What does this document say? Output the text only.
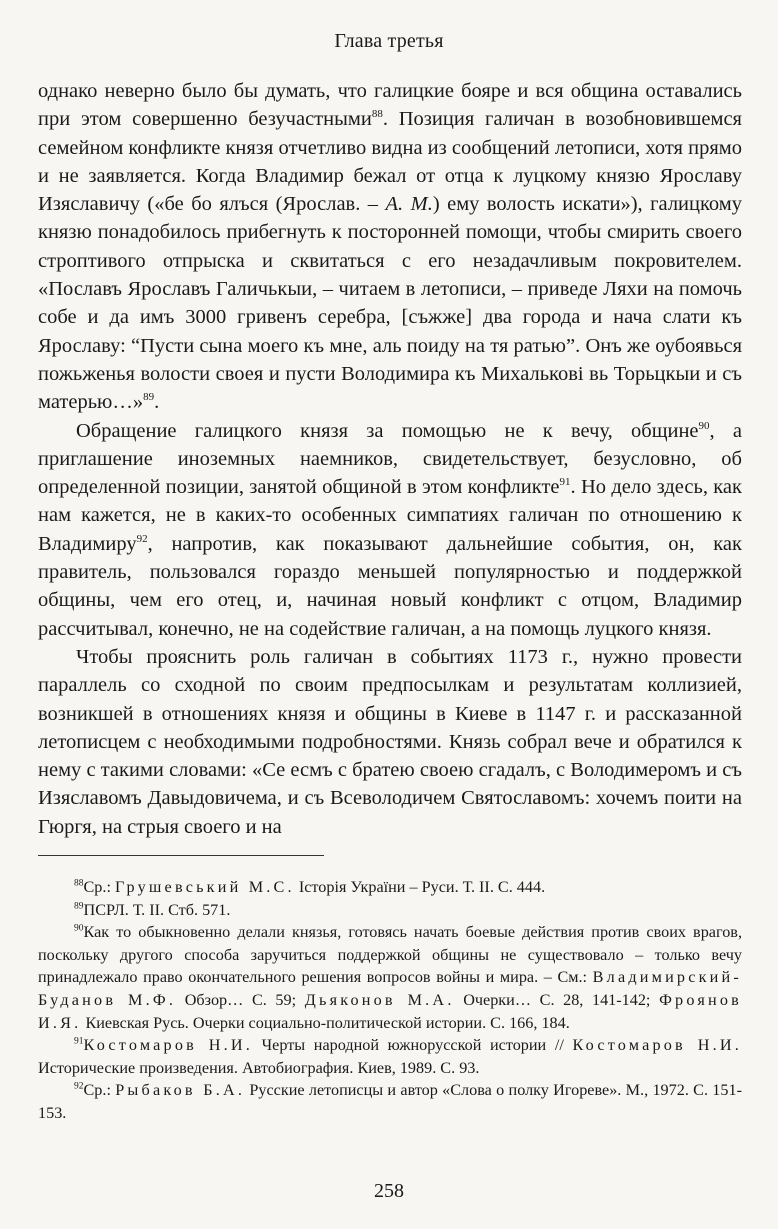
Глава третья

однако неверно было бы думать, что галицкие бояре и вся община оставались при этом совершенно безучастными$^{88}$. Позиция галичан в возобновившемся семейном конфликте князя отчетливо видна из сообщений летописи, хотя прямо и не заявляется. Когда Владимир бежал от отца к луцкому князю Ярославу Изяславичу («бе бо ялъся (Ярослав. – А. М.) ему волость искати»), галицкому князю понадобилось прибегнуть к посторонней помощи, чтобы смирить своего строптивого отпрыска и сквитаться с его незадачливым покровителем. «Пославъ Ярославъ Галичькыи, – читаем в летописи, – приведе Ляхи на помочь собе и да имъ 3000 гривенъ серебра, [съжже] два города и нача слати къ Ярославу: “Пусти сына моего къ мне, аль поиду на тя ратью”. Онъ же оубоявься пожьженья волости своея и пусти Володимира къ Михальковi вь Торьцкыи и съ матерью…»$^{89}$.

Обращение галицкого князя за помощью не к вечу, общине$^{90}$, а приглашение иноземных наемников, свидетельствует, безусловно, об определенной позиции, занятой общиной в этом конфликте$^{91}$. Но дело здесь, как нам кажется, не в каких-то особенных симпатиях галичан по отношению к Владимиру$^{92}$, напротив, как показывают дальнейшие события, он, как правитель, пользовался гораздо меньшей популярностью и поддержкой общины, чем его отец, и, начиная новый конфликт с отцом, Владимир рассчитывал, конечно, не на содействие галичан, а на помощь луцкого князя.

Чтобы прояснить роль галичан в событиях 1173 г., нужно провести параллель со сходной по своим предпосылкам и результатам коллизией, возникшей в отношениях князя и общины в Киеве в 1147 г. и рассказанной летописцем с необходимыми подробностями. Князь собрал вече и обратился к нему с такими словами: «Се есмъ с братею своею сгадалъ, с Володимеромъ и съ Изяславомъ Давыдовичема, и съ Всеволодичем Святославомъ: хочемъ поити на Гюргя, на стрыя своего и на

$^{88}$Ср.: Грушевський М.С. Історія України – Руси. Т. II. С. 444.

$^{89}$ПСРЛ. Т. II. Стб. 571.

$^{90}$Как то обыкновенно делали князья, готовясь начать боевые действия против своих врагов, поскольку другого способа заручиться поддержкой общины не существовало – только вечу принадлежало право окончательного решения вопросов войны и мира. – См.: Владимирский-Буданов М.Ф. Обзор… С. 59; Дьяконов М.А. Очерки… С. 28, 141-142; Фроянов И.Я. Киевская Русь. Очерки социально-политической истории. С. 166, 184.

$^{91}$Костомаров Н.И. Черты народной южнорусской истории // Костомаров Н.И. Исторические произведения. Автобиография. Киев, 1989. С. 93.

$^{92}$Ср.: Рыбаков Б.А. Русские летописцы и автор «Слова о полку Игореве». М., 1972. С. 151-153.

258
